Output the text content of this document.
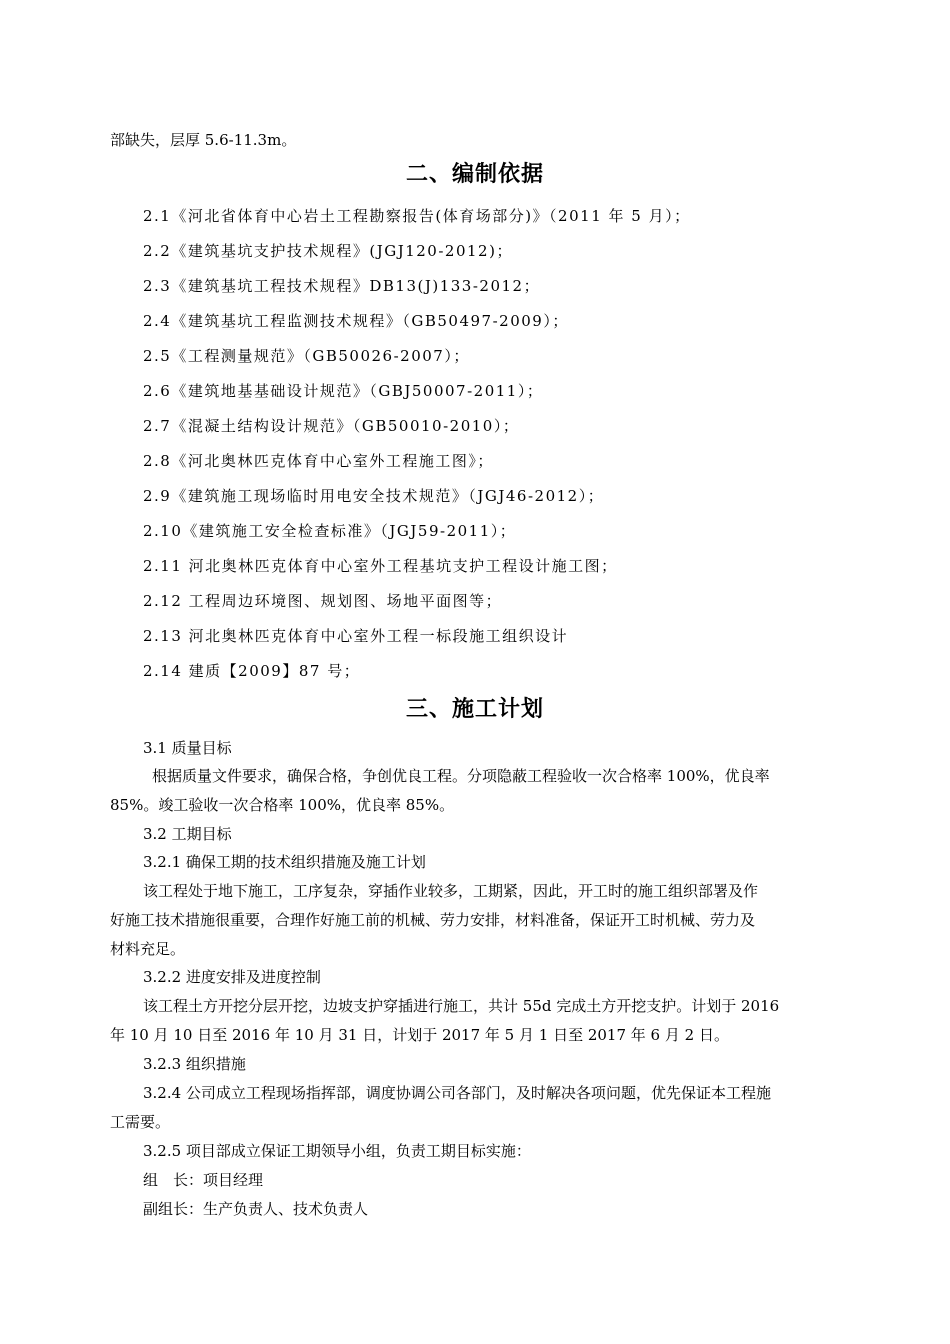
部缺失，层厚 5.6-11.3m。
二、编制依据
2.1《河北省体育中心岩土工程勘察报告(体育场部分)》（2011 年 5 月）；
2.2《建筑基坑支护技术规程》(JGJ120-2012)；
2.3《建筑基坑工程技术规程》DB13(J)133-2012；
2.4《建筑基坑工程监测技术规程》（GB50497-2009）；
2.5《工程测量规范》（GB50026-2007）；
2.6《建筑地基基础设计规范》（GBJ50007-2011）；
2.7《混凝土结构设计规范》（GB50010-2010）；
2.8《河北奥林匹克体育中心室外工程施工图》；
2.9《建筑施工现场临时用电安全技术规范》（JGJ46-2012）；
2.10《建筑施工安全检查标准》（JGJ59-2011）；
2.11 河北奥林匹克体育中心室外工程基坑支护工程设计施工图；
2.12 工程周边环境图、规划图、场地平面图等；
2.13 河北奥林匹克体育中心室外工程一标段施工组织设计
2.14 建质【2009】87 号；
三、施工计划
3.1 质量目标
根据质量文件要求，确保合格，争创优良工程。分项隐蔽工程验收一次合格率 100%，优良率
85%。竣工验收一次合格率 100%，优良率 85%。
3.2 工期目标
3.2.1 确保工期的技术组织措施及施工计划
该工程处于地下施工，工序复杂，穿插作业较多，工期紧，因此，开工时的施工组织部署及作
好施工技术措施很重要，合理作好施工前的机械、劳力安排，材料准备，保证开工时机械、劳力及
材料充足。
3.2.2 进度安排及进度控制
该工程土方开挖分层开挖，边坡支护穿插进行施工，共计 55d 完成土方开挖支护。计划于 2016
年 10 月 10 日至 2016 年 10 月 31 日，计划于 2017 年 5 月 1 日至 2017 年 6 月 2 日。
3.2.3 组织措施
3.2.4 公司成立工程现场指挥部，调度协调公司各部门，及时解决各项问题，优先保证本工程施
工需要。
3.2.5 项目部成立保证工期领导小组，负责工期目标实施：
组　长：项目经理
副组长：生产负责人、技术负责人
